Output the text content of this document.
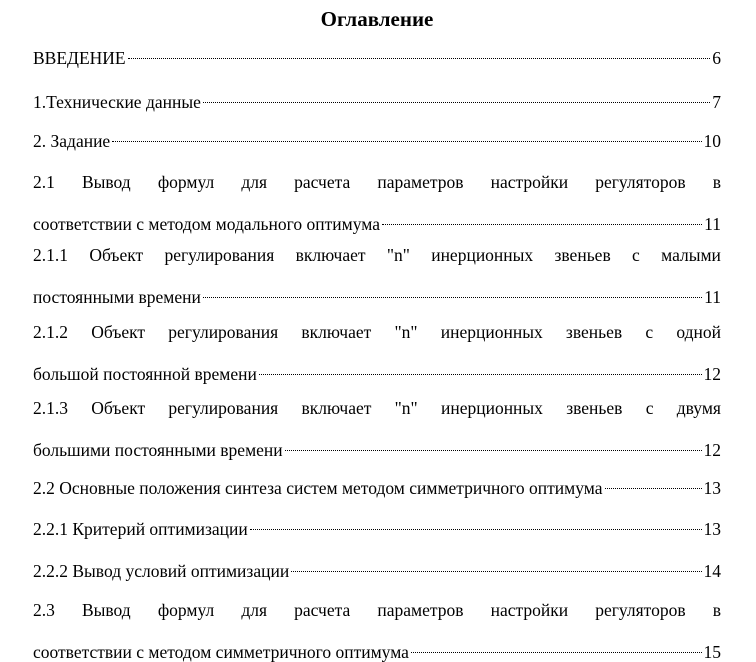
Оглавление
ВВЕДЕНИЕ	6
1.Технические данные	7
2. Задание	10
2.1 Вывод формул для расчета параметров настройки регуляторов в
соответствии с методом модального оптимума	11
2.1.1 Объект регулирования включает "n" инерционных звеньев с малыми
постоянными времени	11
2.1.2 Объект регулирования включает "n" инерционных звеньев с одной
большой постоянной времени	12
2.1.3 Объект регулирования включает "n" инерционных звеньев с двумя
большими постоянными времени	12
2.2 Основные положения синтеза систем методом симметричного оптимума	13
2.2.1 Критерий оптимизации	13
2.2.2 Вывод условий оптимизации	14
2.3 Вывод формул для расчета параметров настройки регуляторов в
соответствии с методом симметричного оптимума	15
